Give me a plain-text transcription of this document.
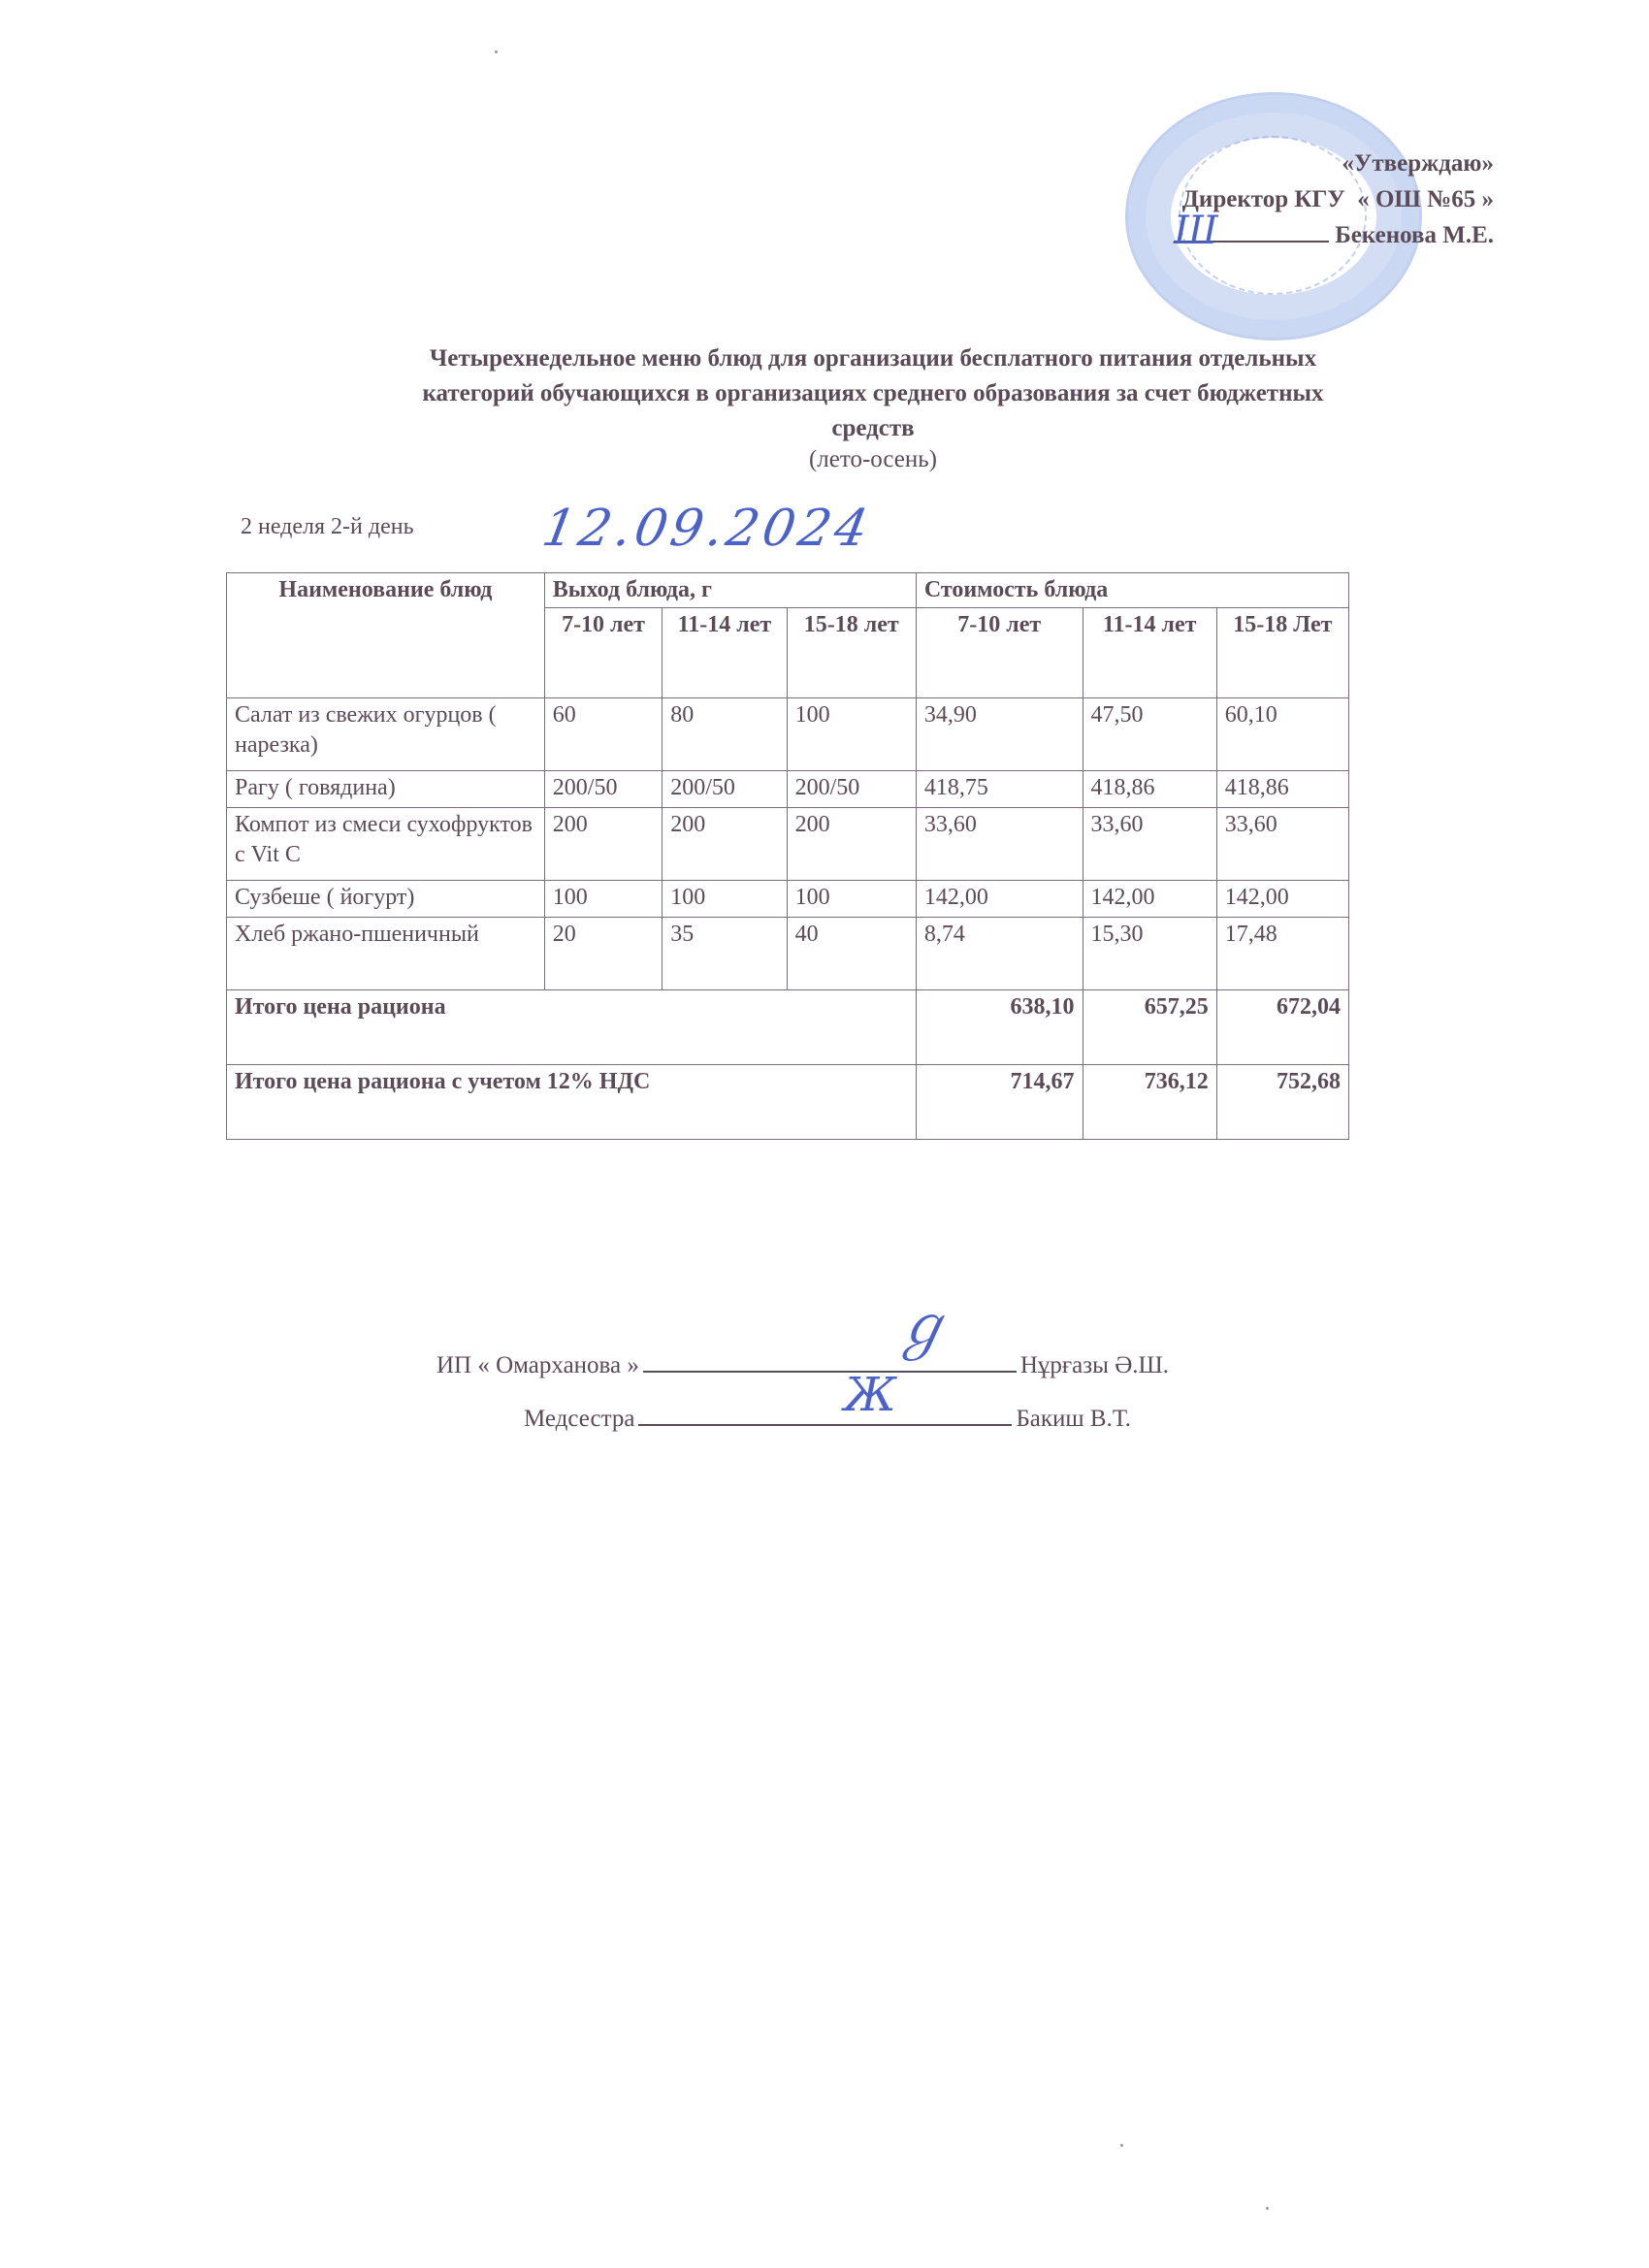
«Утверждаю»
Директор КГУ  « ОШ №65 »
Бекенова М.Е.
Ш
Четырехнедельное меню блюд для организации бесплатного питания отдельных
категорий обучающихся в организациях среднего образования за счет бюджетных
средств
(лето-осень)
2 неделя 2-й день 12.09.2024
Наименование блюд	Выход блюда, г			Стоимость блюда		
	7-10 лет	11-14 лет	15-18 лет	7-10 лет	11-14 лет	15-18 Лет
Салат из свежих огурцов ( нарезка)	60	80	100	34,90	47,50	60,10
Рагу ( говядина)	200/50	200/50	200/50	418,75	418,86	418,86
Компот из смеси сухофруктов с Vit C	200	200	200	33,60	33,60	33,60
Сузбеше ( йогурт)	100	100	100	142,00	142,00	142,00
Хлеб ржано-пшеничный	20	35	40	8,74	15,30	17,48
Итого цена рациона				638,10	657,25	672,04
Итого цена рациона с учетом 12% НДС				714,67	736,12	752,68
ИП « Омарханова »	Нұрғазы Ә.Ш.
Медсестра	Бакиш В.Т.
ℊ
Ж
